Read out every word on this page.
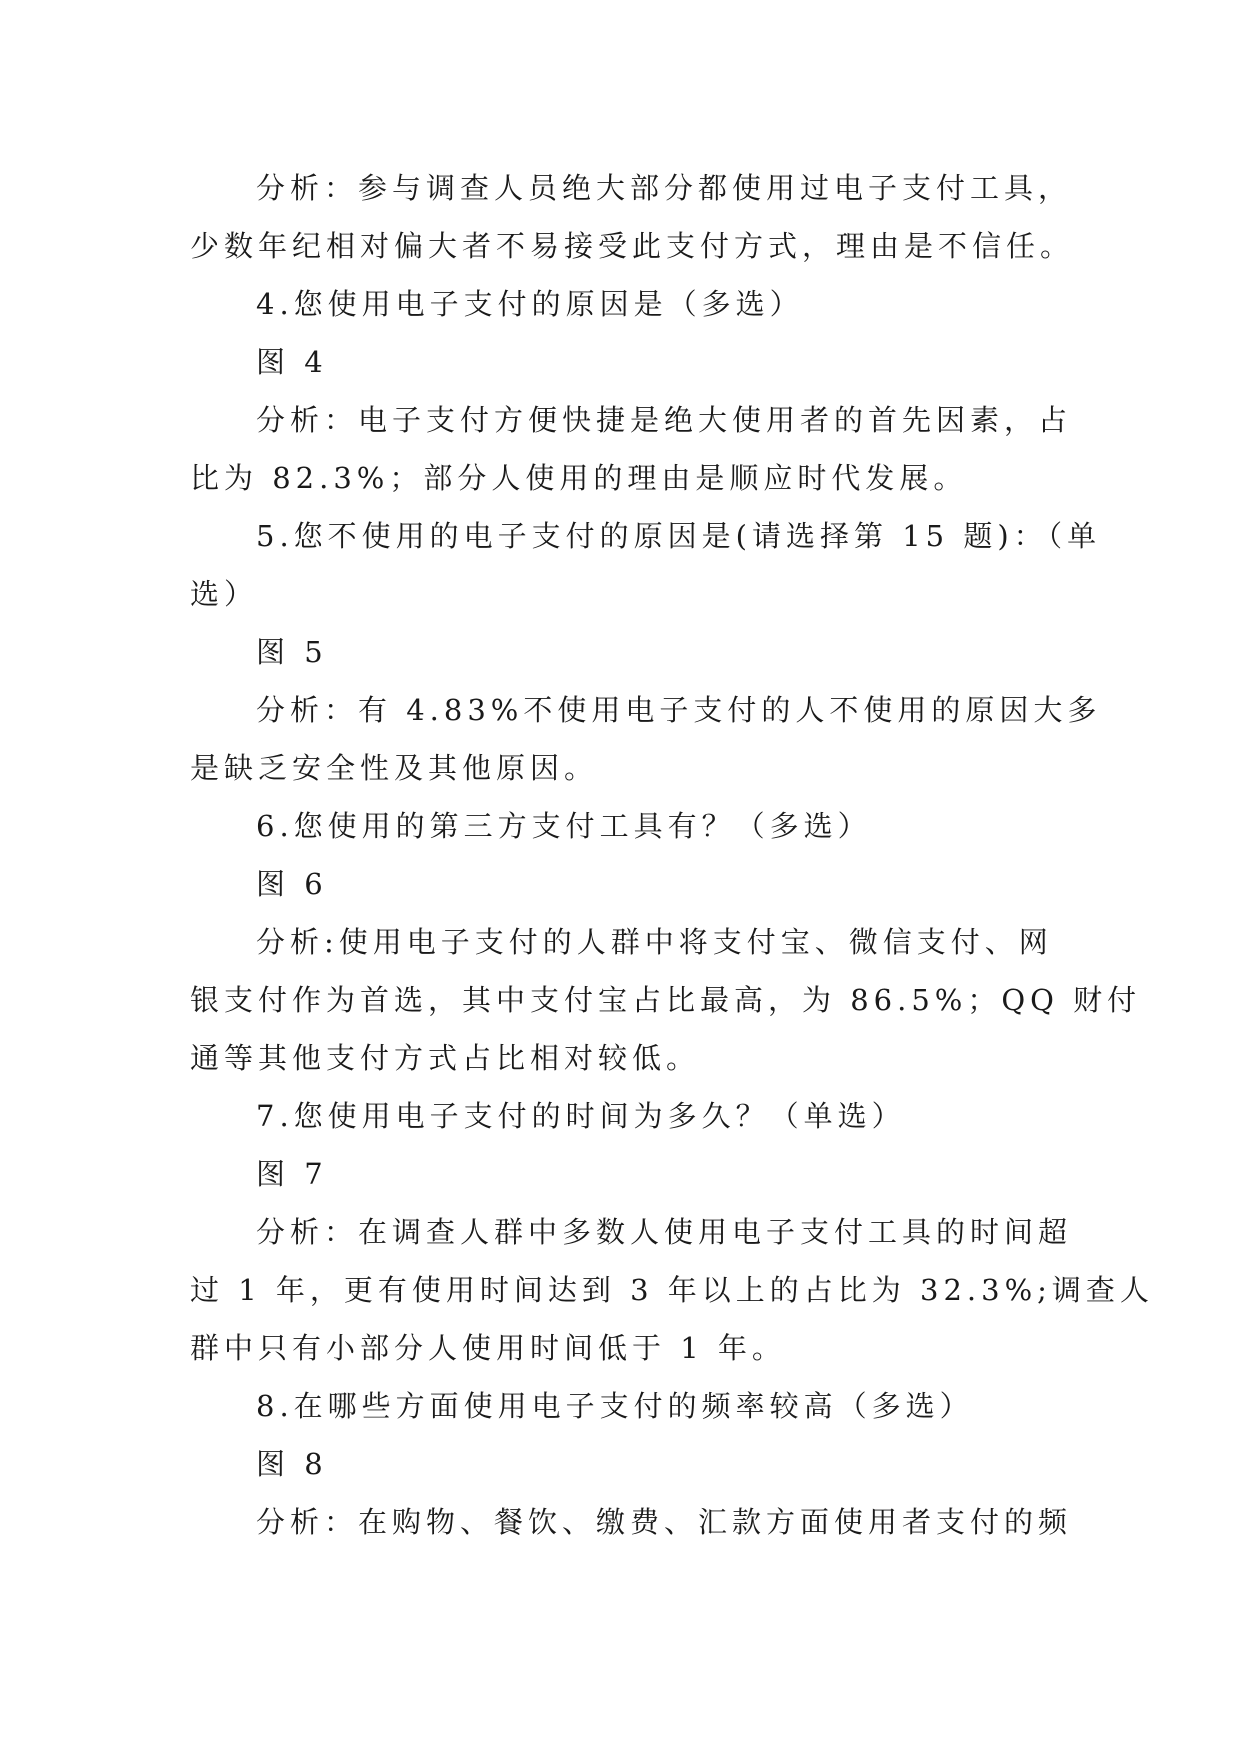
分析：参与调查人员绝大部分都使用过电子支付工具，

少数年纪相对偏大者不易接受此支付方式，理由是不信任。

4.您使用电子支付的原因是（多选）

图 4

分析：电子支付方便快捷是绝大使用者的首先因素，占

比为 82.3%；部分人使用的理由是顺应时代发展。

5.您不使用的电子支付的原因是(请选择第 15 题)：（单

选）

图 5

分析：有 4.83%不使用电子支付的人不使用的原因大多

是缺乏安全性及其他原因。

6.您使用的第三方支付工具有？（多选）

图 6

分析:使用电子支付的人群中将支付宝、微信支付、网

银支付作为首选，其中支付宝占比最高，为 86.5%；QQ 财付

通等其他支付方式占比相对较低。

7.您使用电子支付的时间为多久？（单选）

图 7

分析：在调查人群中多数人使用电子支付工具的时间超

过 1 年，更有使用时间达到 3 年以上的占比为 32.3%;调查人

群中只有小部分人使用时间低于 1 年。

8.在哪些方面使用电子支付的频率较高（多选）

图 8

分析：在购物、餐饮、缴费、汇款方面使用者支付的频
